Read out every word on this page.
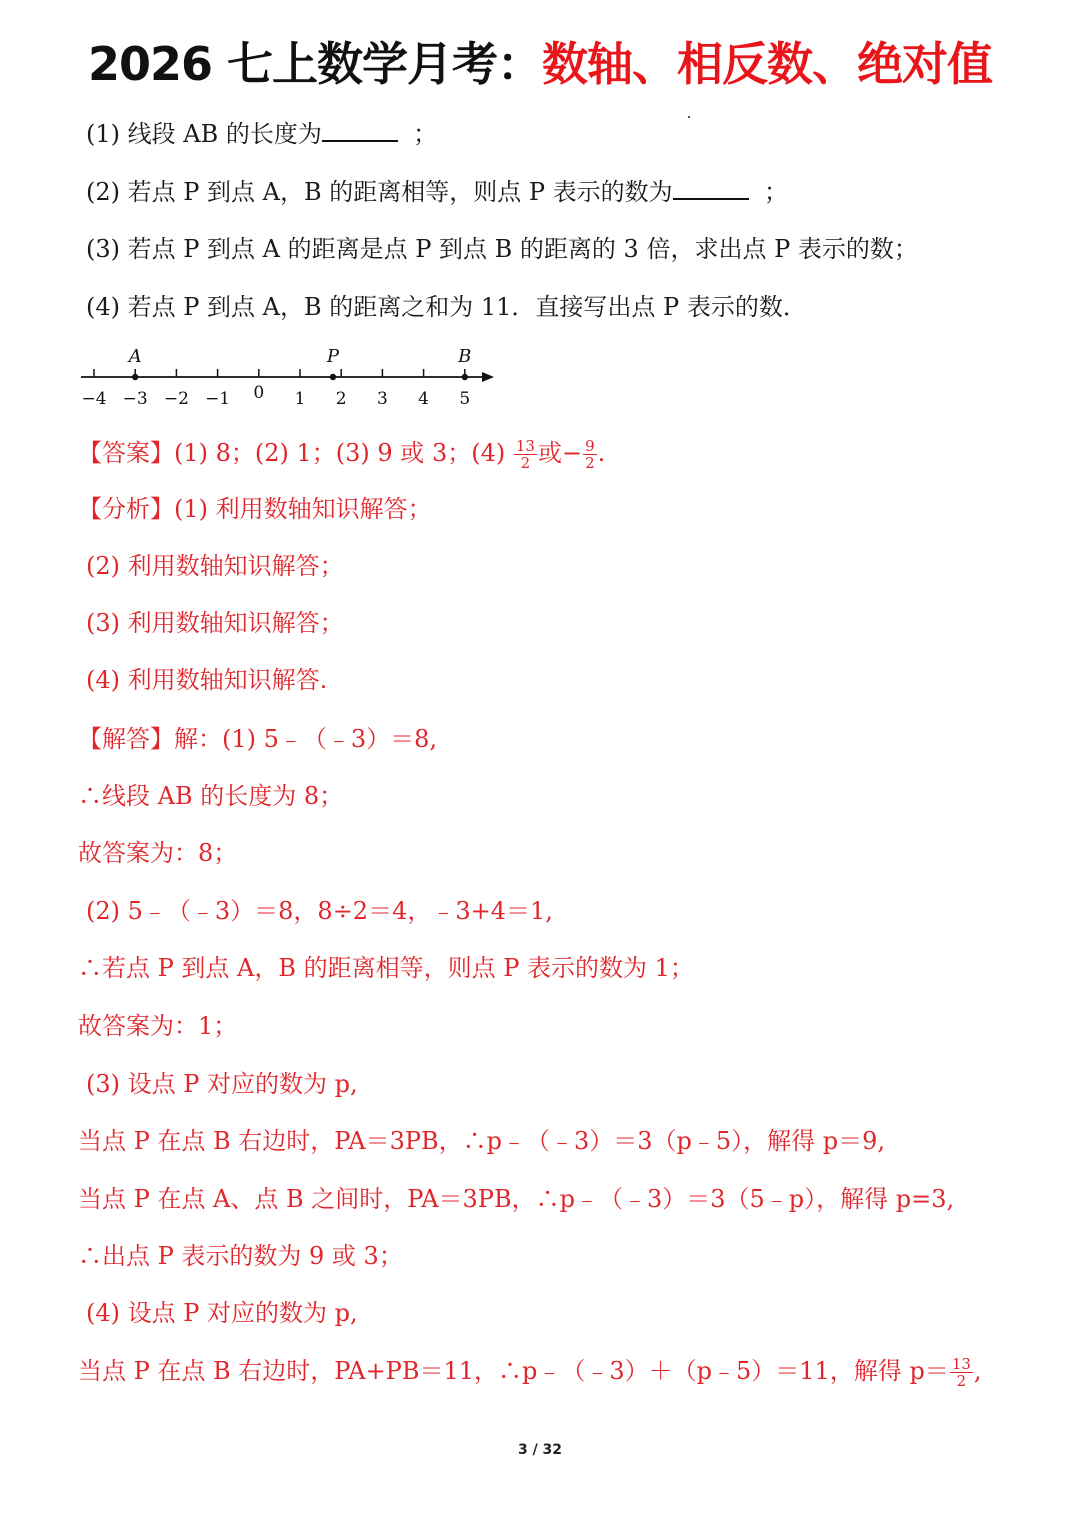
2026 七上数学月考：数轴、相反数、绝对值
(1) 线段 AB 的长度为	；
(2) 若点 P 到点 A，B 的距离相等，则点 P 表示的数为	；
(3) 若点 P 到点 A 的距离是点 P 到点 B 的距离的 3 倍，求出点 P 表示的数；
(4) 若点 P 到点 A，B 的距离之和为 11．直接写出点 P 表示的数．
−4 −3 −2 −1 0 1 2 3 4 5
A	P	B
【答案】(1) 8；(2) 1；(3) 9 或 3；$(4) \frac{13}{2}$ 或− $\frac{9}{2}$ .
【分析】(1) 利用数轴知识解答；
(2) 利用数轴知识解答；
(3) 利用数轴知识解答；
(4) 利用数轴知识解答.
【解答】解：(1) 5﹣（﹣3）＝8,
∴线段 AB 的长度为 8；
故答案为：8；
(2) 5﹣（﹣3）＝8，8÷2＝4，﹣3+4＝1,
∴若点 P 到点 A，B 的距离相等，则点 P 表示的数为 1；
故答案为：1；
(3) 设点 P 对应的数为 p,
当点 P 在点 B 右边时，PA＝3PB，∴p﹣（﹣3）＝3（p﹣5），解得 p＝9,
当点 P 在点 A、点 B 之间时，PA＝3PB，∴p﹣（﹣3）＝3（5﹣p），解得 p=3,
∴出点 P 表示的数为 9 或 3；
(4) 设点 P 对应的数为 p,
当点 P 在点 B 右边时，PA+PB＝11，∴p﹣（﹣3）＋（p﹣5）＝11，解得 $p= \frac{13}{2}$ ,
3 / 32
